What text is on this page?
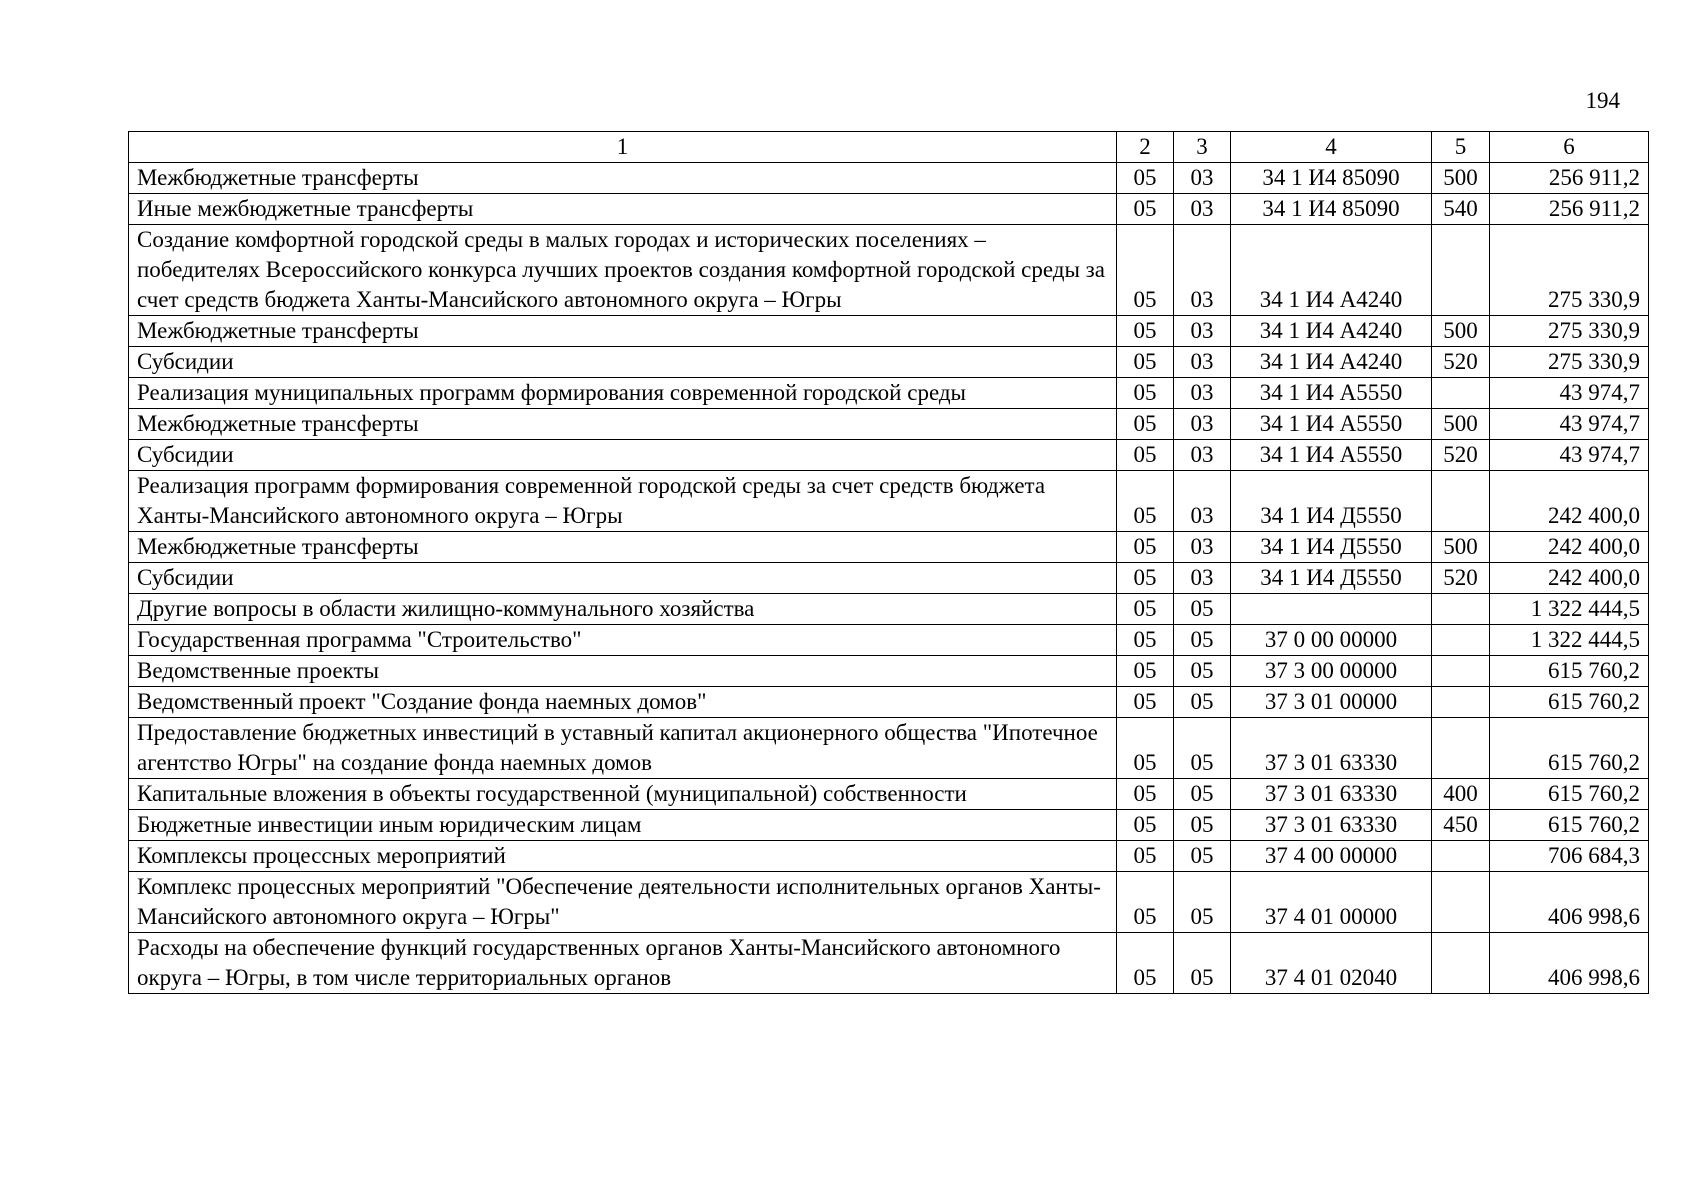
194
1	2	3	4	5	6
Межбюджетные трансферты	05	03	34 1 И4 85090	500	256 911,2
Иные межбюджетные трансферты	05	03	34 1 И4 85090	540	256 911,2
Создание комфортной городской среды в малых городах и исторических поселениях – победителях Всероссийского конкурса лучших проектов создания комфортной городской среды за счет средств бюджета Ханты-Мансийского автономного округа – Югры	05	03	34 1 И4 А4240		275 330,9
Межбюджетные трансферты	05	03	34 1 И4 А4240	500	275 330,9
Субсидии	05	03	34 1 И4 А4240	520	275 330,9
Реализация муниципальных программ формирования современной городской среды	05	03	34 1 И4 А5550		43 974,7
Межбюджетные трансферты	05	03	34 1 И4 А5550	500	43 974,7
Субсидии	05	03	34 1 И4 А5550	520	43 974,7
Реализация программ формирования современной городской среды за счет средств бюджета Ханты-Мансийского автономного округа – Югры	05	03	34 1 И4 Д5550		242 400,0
Межбюджетные трансферты	05	03	34 1 И4 Д5550	500	242 400,0
Субсидии	05	03	34 1 И4 Д5550	520	242 400,0
Другие вопросы в области жилищно-коммунального хозяйства	05	05			1 322 444,5
Государственная программа "Строительство"	05	05	37 0 00 00000		1 322 444,5
Ведомственные проекты	05	05	37 3 00 00000		615 760,2
Ведомственный проект "Создание фонда наемных домов"	05	05	37 3 01 00000		615 760,2
Предоставление бюджетных инвестиций в уставный капитал акционерного общества "Ипотечное агентство Югры" на создание фонда наемных домов	05	05	37 3 01 63330		615 760,2
Капитальные вложения в объекты государственной (муниципальной) собственности	05	05	37 3 01 63330	400	615 760,2
Бюджетные инвестиции иным юридическим лицам	05	05	37 3 01 63330	450	615 760,2
Комплексы процессных мероприятий	05	05	37 4 00 00000		706 684,3
Комплекс процессных мероприятий "Обеспечение деятельности исполнительных органов Ханты-Мансийского автономного округа – Югры"	05	05	37 4 01 00000		406 998,6
Расходы на обеспечение функций государственных органов Ханты-Мансийского автономного округа – Югры, в том числе территориальных органов	05	05	37 4 01 02040		406 998,6
